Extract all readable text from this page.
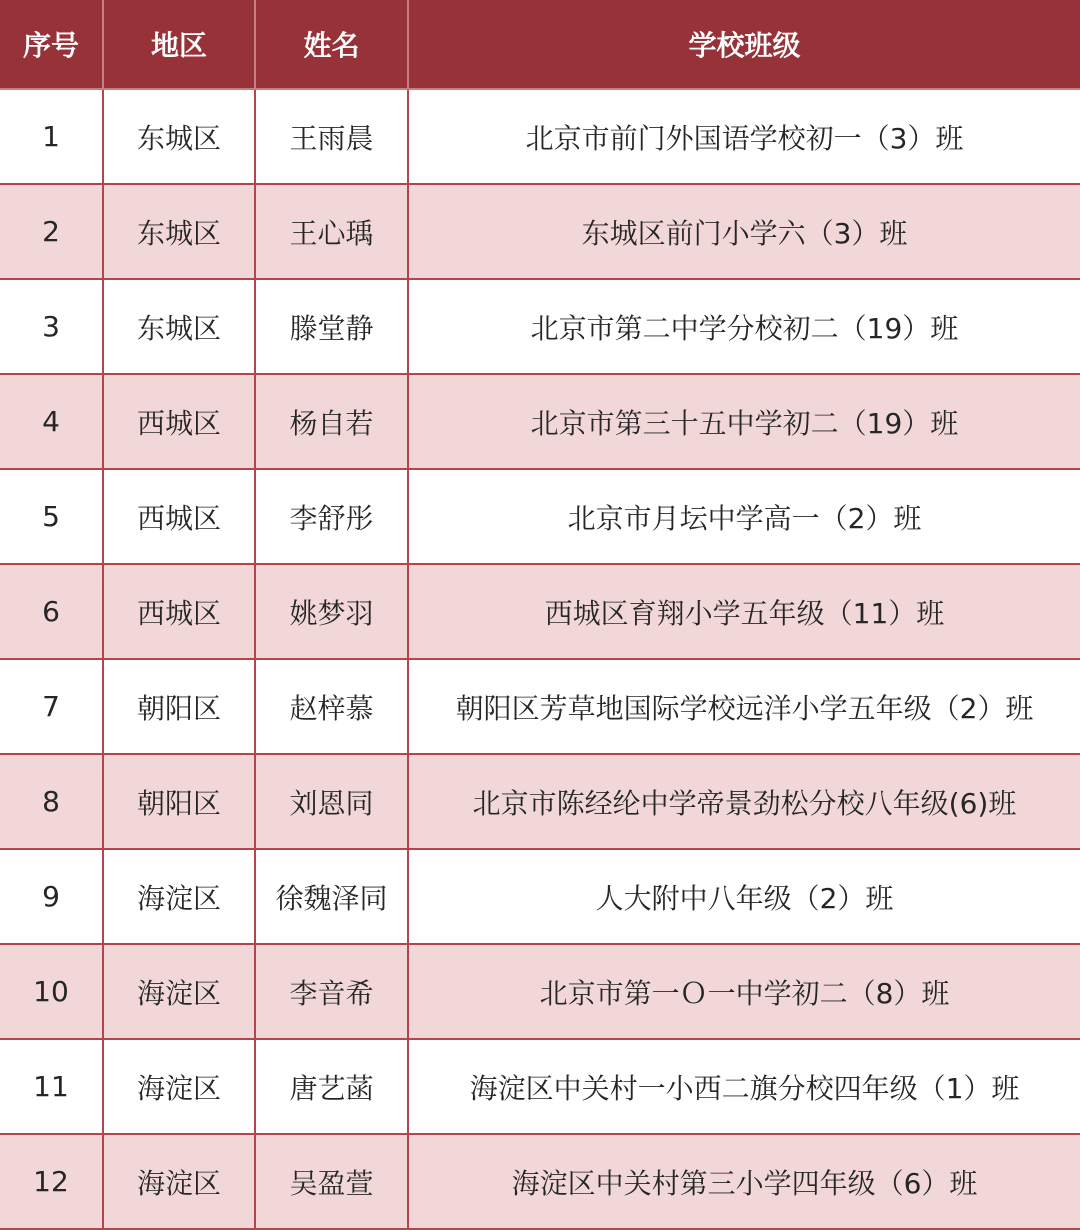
序号	地区	姓名	学校班级
1	东城区	王雨晨	北京市前门外国语学校初一（3）班
2	东城区	王心瑀	东城区前门小学六（3）班
3	东城区	滕堂静	北京市第二中学分校初二（19）班
4	西城区	杨自若	北京市第三十五中学初二（19）班
5	西城区	李舒彤	北京市月坛中学高一（2）班
6	西城区	姚梦羽	西城区育翔小学五年级（11）班
7	朝阳区	赵梓慕	朝阳区芳草地国际学校远洋小学五年级（2）班
8	朝阳区	刘恩同	北京市陈经纶中学帝景劲松分校八年级(6)班
9	海淀区	徐魏泽同	人大附中八年级（2）班
10	海淀区	李音希	北京市第一Ｏ一中学初二（8）班
11	海淀区	唐艺菡	海淀区中关村一小西二旗分校四年级（1）班
12	海淀区	吴盈萱	海淀区中关村第三小学四年级（6）班
